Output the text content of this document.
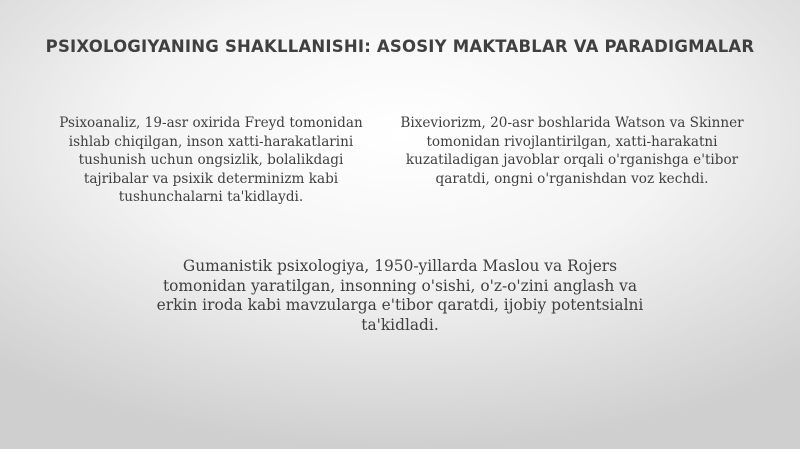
PSIXOLOGIYANING SHAKLLANISHI: ASOSIY MAKTABLAR VA PARADIGMALAR
Psixoanaliz, 19-asr oxirida Freyd tomonidan ishlab chiqilgan, inson xatti-harakatlarini tushunish uchun ongsizlik, bolalikdagi tajribalar va psixik determinizm kabi tushunchalarni ta'kidlaydi.
Bixeviorizm, 20-asr boshlarida Watson va Skinner tomonidan rivojlantirilgan, xatti-harakatni kuzatiladigan javoblar orqali o'rganishga e'tibor qaratdi, ongni o'rganishdan voz kechdi.
Gumanistik psixologiya, 1950-yillarda Maslou va Rojers tomonidan yaratilgan, insonning o'sishi, o'z-o'zini anglash va erkin iroda kabi mavzularga e'tibor qaratdi, ijobiy potentsialni ta'kidladi.
